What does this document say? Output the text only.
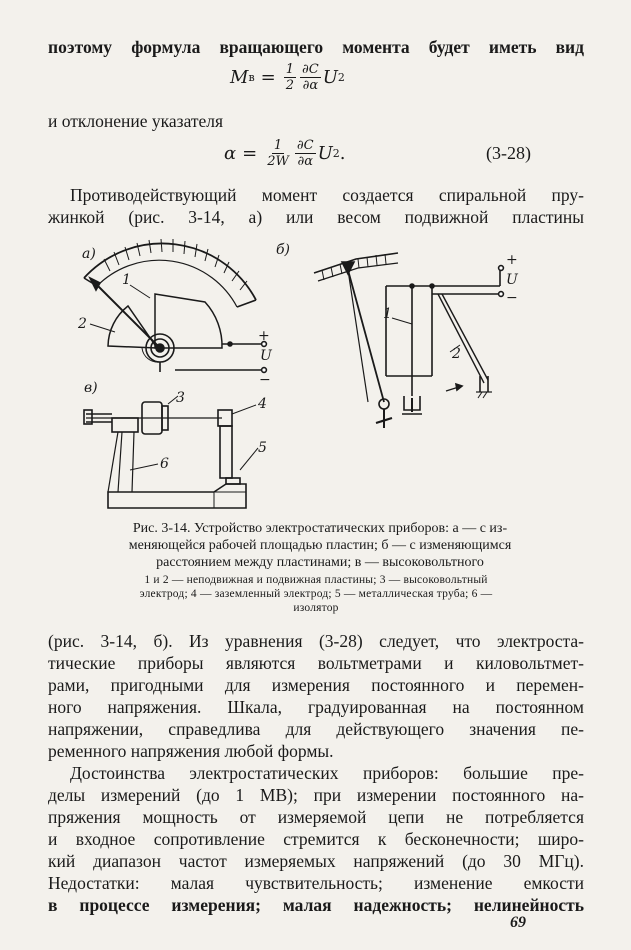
поэтому формула вращающего момента будет иметь вид
M $в = \frac{1}{2} \frac{\partial C}{\partial\alpha}$ U 2
и отклонение указателя
$\alpha = \frac{1}{2W} \frac{\partial C}{\partial\alpha}$ U 2 .	(3-28)
Противодействующий момент создается спиральной пру-
жинкой (рис. 3-14, а) или весом подвижной пластины
а)	б)
в)
1
2
1
2
3	4
5
6
+
U
−
+
U
−
Рис. 3-14. Устройство электростатических приборов: а — с из-
меняющейся рабочей площадью пластин; б — с изменяющимся
расстоянием между пластинами; в — высоковольтного
1 и 2 — неподвижная и подвижная пластины; 3 — высоковольтный
электрод; 4 — заземленный электрод; 5 — металлическая труба; 6 —
изолятор
(рис. 3-14, б). Из уравнения (3-28) следует, что электроста-
тические приборы являются вольтметрами и киловольтмет-
рами, пригодными для измерения постоянного и перемен-
ного напряжения. Шкала, градуированная на постоянном
напряжении, справедлива для действующего значения пе-
ременного напряжения любой формы.
Достоинства электростатических приборов: большие пре-
делы измерений (до 1 МВ); при измерении постоянного на-
пряжения мощность от измеряемой цепи не потребляется
и входное сопротивление стремится к бесконечности; широ-
кий диапазон частот измеряемых напряжений (до 30 МГц).
Недостатки: малая чувствительность; изменение емкости
в процессе измерения; малая надежность; нелинейность
69
